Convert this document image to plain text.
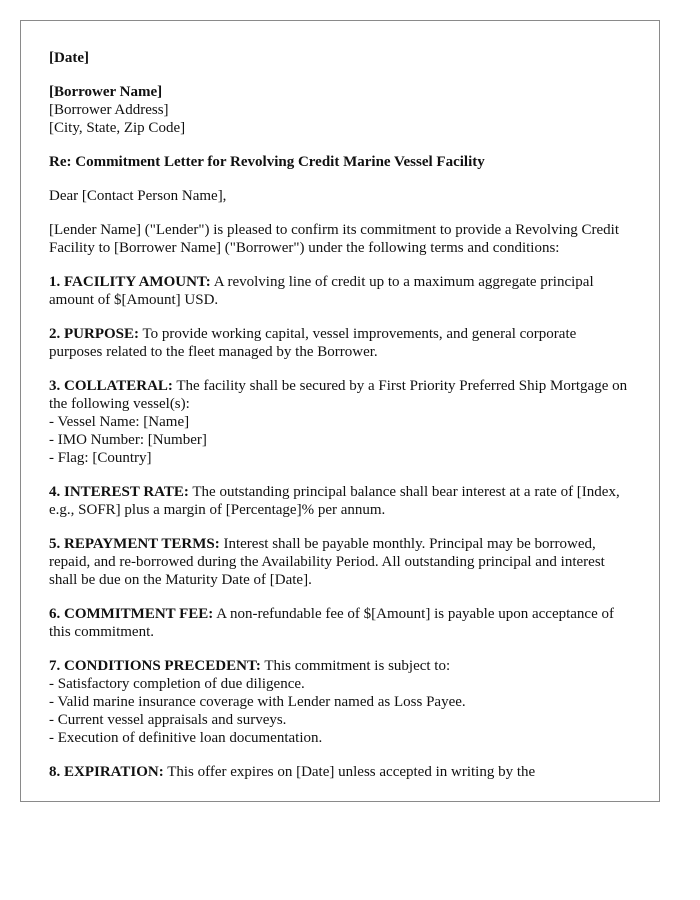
[Date]

[Borrower Name]
[Borrower Address]
[City, State, Zip Code]

Re: Commitment Letter for Revolving Credit Marine Vessel Facility

Dear [Contact Person Name],

[Lender Name] ("Lender") is pleased to confirm its commitment to provide a Revolving Credit Facility to [Borrower Name] ("Borrower") under the following terms and conditions:

1. FACILITY AMOUNT: A revolving line of credit up to a maximum aggregate principal amount of $[Amount] USD.

2. PURPOSE: To provide working capital, vessel improvements, and general corporate purposes related to the fleet managed by the Borrower.

3. COLLATERAL: The facility shall be secured by a First Priority Preferred Ship Mortgage on the following vessel(s):
- Vessel Name: [Name]
- IMO Number: [Number]
- Flag: [Country]

4. INTEREST RATE: The outstanding principal balance shall bear interest at a rate of [Index, e.g., SOFR] plus a margin of [Percentage]% per annum.

5. REPAYMENT TERMS: Interest shall be payable monthly. Principal may be borrowed, repaid, and re-borrowed during the Availability Period. All outstanding principal and interest shall be due on the Maturity Date of [Date].

6. COMMITMENT FEE: A non-refundable fee of $[Amount] is payable upon acceptance of this commitment.

7. CONDITIONS PRECEDENT: This commitment is subject to:
- Satisfactory completion of due diligence.
- Valid marine insurance coverage with Lender named as Loss Payee.
- Current vessel appraisals and surveys.
- Execution of definitive loan documentation.

8. EXPIRATION: This offer expires on [Date] unless accepted in writing by the
